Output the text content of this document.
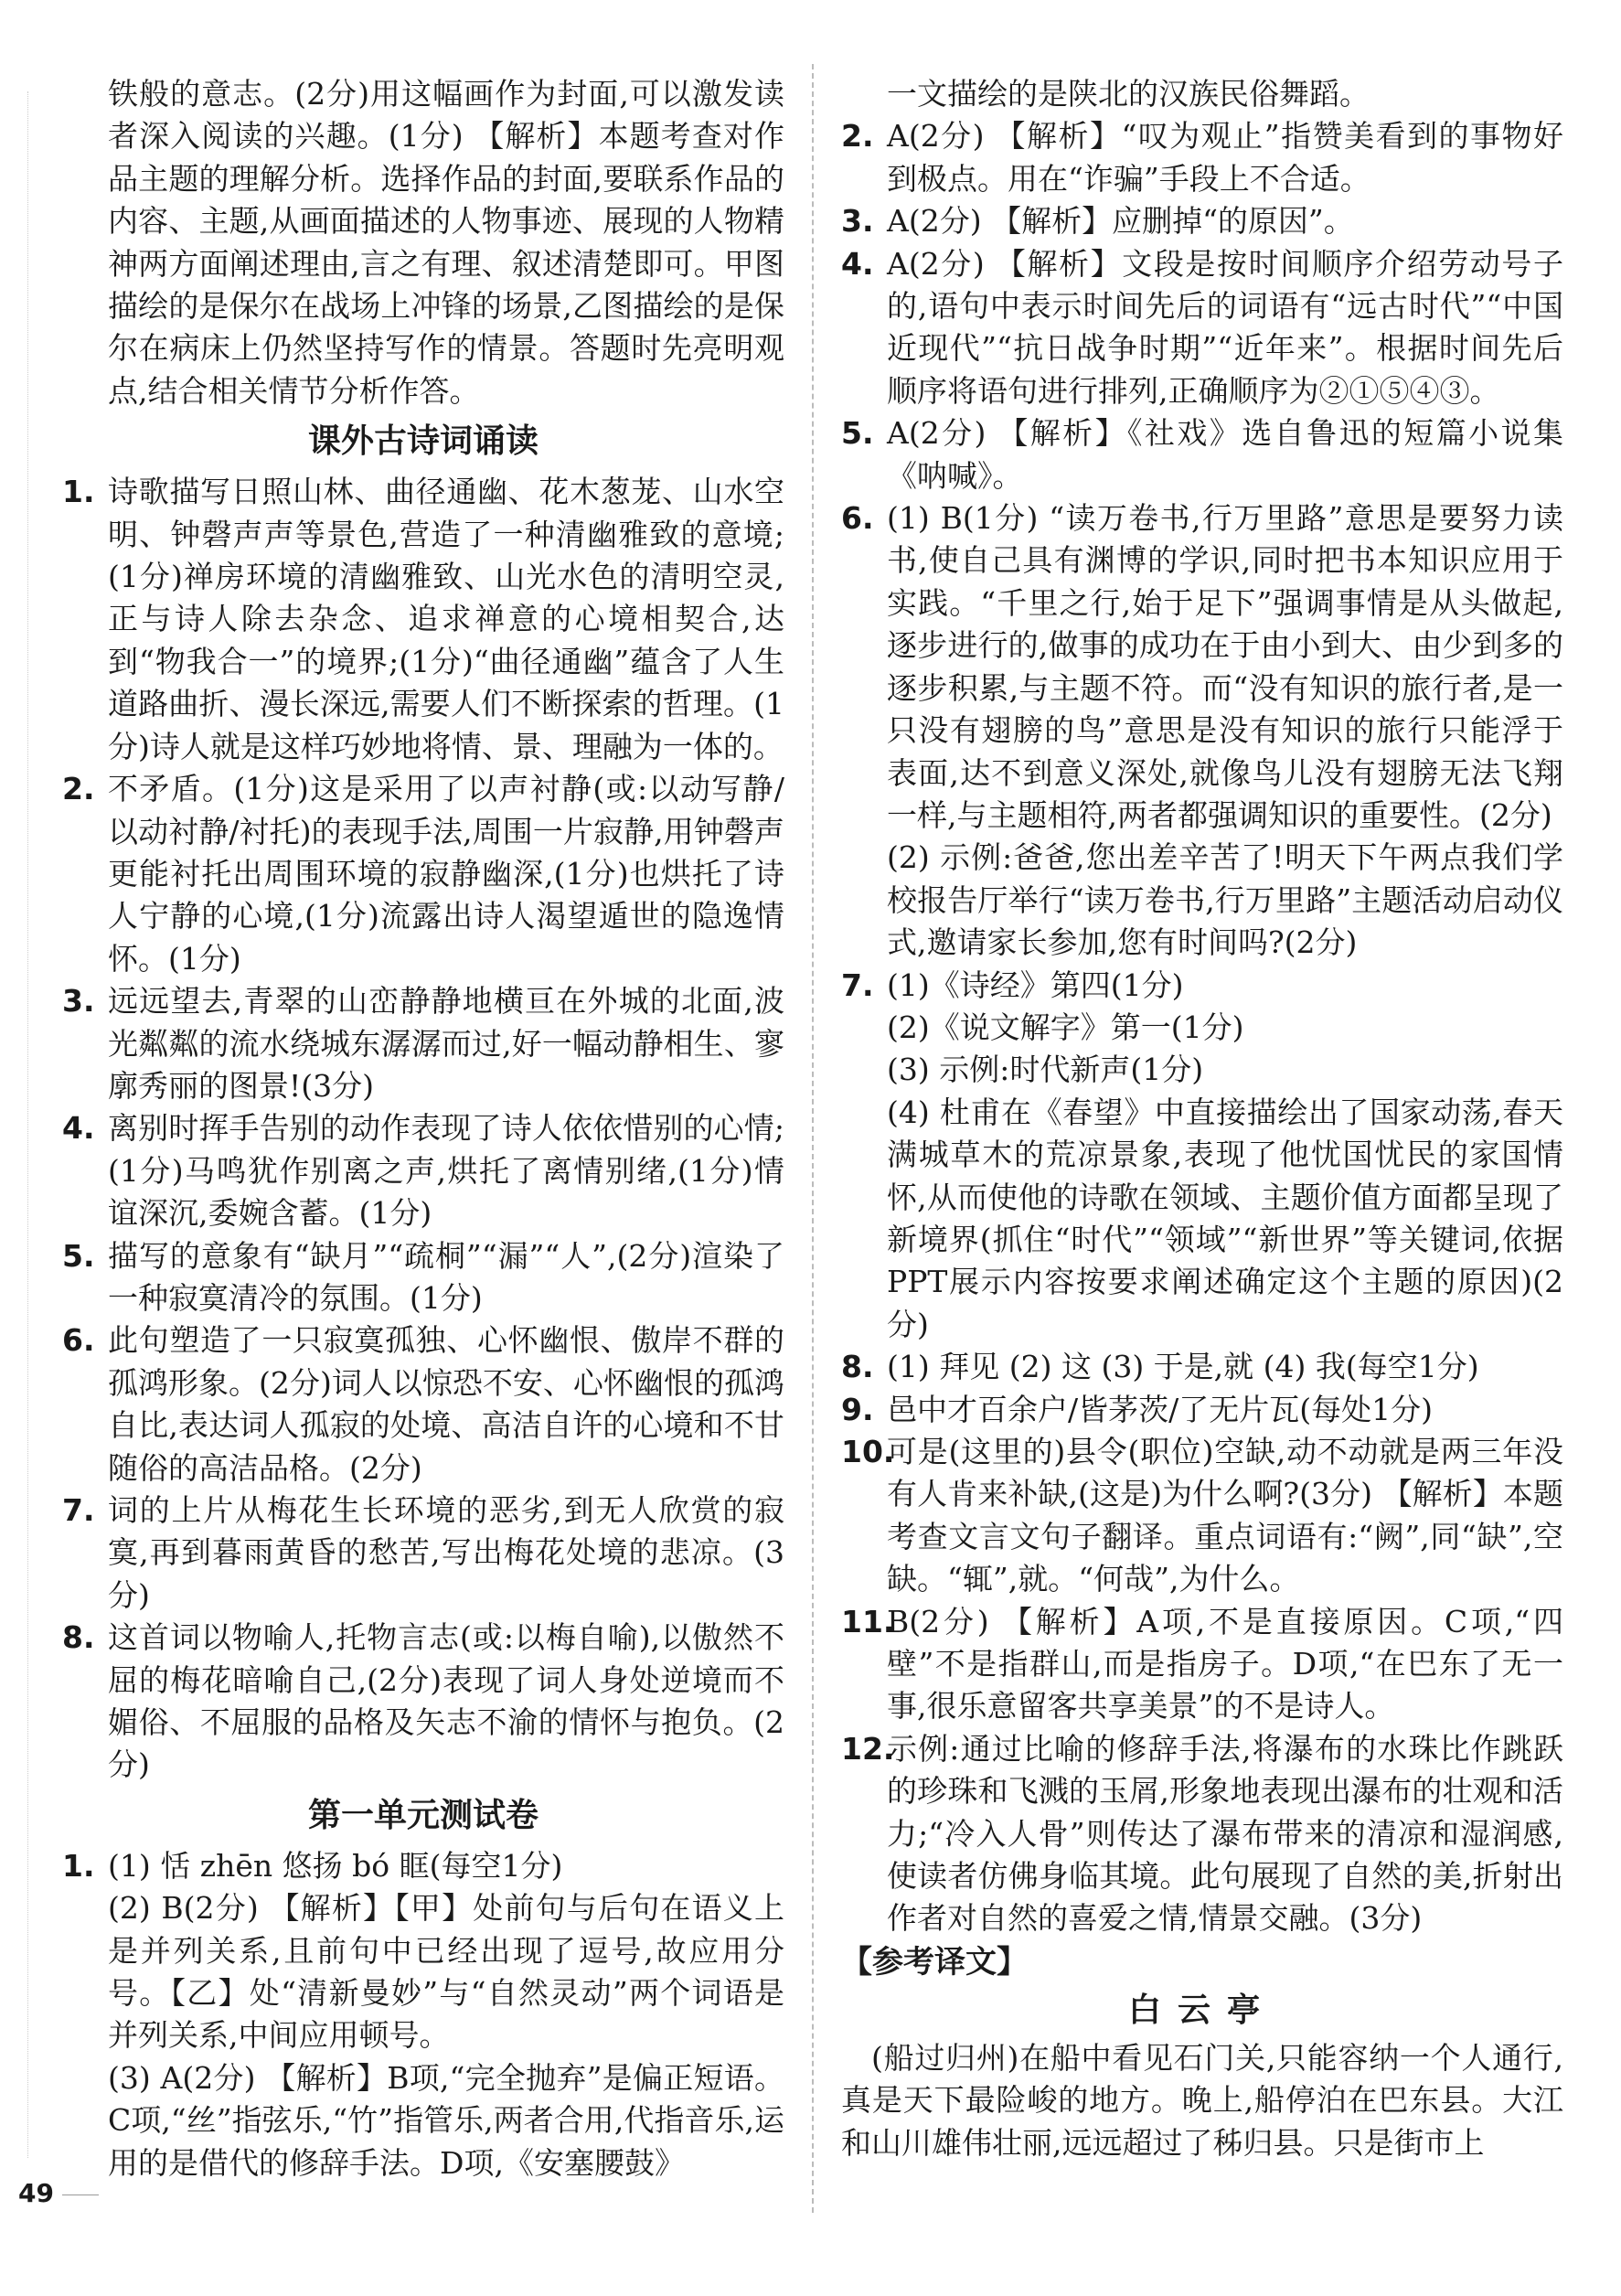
铁般的意志。(2分)用这幅画作为封面,可以激发读者深入阅读的兴趣。(1分) 【解析】本题考查对作品主题的理解分析。选择作品的封面,要联系作品的内容、主题,从画面描述的人物事迹、展现的人物精神两方面阐述理由,言之有理、叙述清楚即可。甲图描绘的是保尔在战场上冲锋的场景,乙图描绘的是保尔在病床上仍然坚持写作的情景。答题时先亮明观点,结合相关情节分析作答。

课外古诗词诵读
1. 诗歌描写日照山林、曲径通幽、花木葱茏、山水空明、钟磬声声等景色,营造了一种清幽雅致的意境;(1分)禅房环境的清幽雅致、山光水色的清明空灵,正与诗人除去杂念、追求禅意的心境相契合,达到“物我合一”的境界;(1分)“曲径通幽”蕴含了人生道路曲折、漫长深远,需要人们不断探索的哲理。(1分)诗人就是这样巧妙地将情、景、理融为一体的。
2. 不矛盾。(1分)这是采用了以声衬静(或:以动写静/以动衬静/衬托)的表现手法,周围一片寂静,用钟磬声更能衬托出周围环境的寂静幽深,(1分)也烘托了诗人宁静的心境,(1分)流露出诗人渴望遁世的隐逸情怀。(1分)
3. 远远望去,青翠的山峦静静地横亘在外城的北面,波光粼粼的流水绕城东潺潺而过,好一幅动静相生、寥廓秀丽的图景!(3分)
4. 离别时挥手告别的动作表现了诗人依依惜别的心情;(1分)马鸣犹作别离之声,烘托了离情别绪,(1分)情谊深沉,委婉含蓄。(1分)
5. 描写的意象有“缺月”“疏桐”“漏”“人”,(2分)渲染了一种寂寞清冷的氛围。(1分)
6. 此句塑造了一只寂寞孤独、心怀幽恨、傲岸不群的孤鸿形象。(2分)词人以惊恐不安、心怀幽恨的孤鸿自比,表达词人孤寂的处境、高洁自许的心境和不甘随俗的高洁品格。(2分)
7. 词的上片从梅花生长环境的恶劣,到无人欣赏的寂寞,再到暮雨黄昏的愁苦,写出梅花处境的悲凉。(3分)
8. 这首词以物喻人,托物言志(或:以梅自喻),以傲然不屈的梅花暗喻自己,(2分)表现了词人身处逆境而不媚俗、不屈服的品格及矢志不渝的情怀与抱负。(2分)
第一单元测试卷
1. (1) 恬 zhēn 悠扬 bó 眶(每空1分)

(2) B(2分) 【解析】【甲】处前句与后句在语义上是并列关系,且前句中已经出现了逗号,故应用分号。【乙】处“清新曼妙”与“自然灵动”两个词语是并列关系,中间应用顿号。

(3) A(2分) 【解析】B项,“完全抛弃”是偏正短语。C项,“丝”指弦乐,“竹”指管乐,两者合用,代指音乐,运用的是借代的修辞手法。D项,《安塞腰鼓》

一文描绘的是陕北的汉族民俗舞蹈。

2. A(2分) 【解析】“叹为观止”指赞美看到的事物好到极点。用在“诈骗”手段上不合适。
3. A(2分) 【解析】应删掉“的原因”。
4. A(2分) 【解析】文段是按时间顺序介绍劳动号子的,语句中表示时间先后的词语有“远古时代”“中国近现代”“抗日战争时期”“近年来”。根据时间先后顺序将语句进行排列,正确顺序为②①⑤④③。
5. A(2分) 【解析】《社戏》选自鲁迅的短篇小说集《呐喊》。
6. (1) B(1分) “读万卷书,行万里路”意思是要努力读书,使自己具有渊博的学识,同时把书本知识应用于实践。“千里之行,始于足下”强调事情是从头做起,逐步进行的,做事的成功在于由小到大、由少到多的逐步积累,与主题不符。而“没有知识的旅行者,是一只没有翅膀的鸟”意思是没有知识的旅行只能浮于表面,达不到意义深处,就像鸟儿没有翅膀无法飞翔一样,与主题相符,两者都强调知识的重要性。(2分)

(2) 示例:爸爸,您出差辛苦了!明天下午两点我们学校报告厅举行“读万卷书,行万里路”主题活动启动仪式,邀请家长参加,您有时间吗?(2分)

7. (1)《诗经》第四(1分)

(2)《说文解字》第一(1分)

(3) 示例:时代新声(1分)

(4) 杜甫在《春望》中直接描绘出了国家动荡,春天满城草木的荒凉景象,表现了他忧国忧民的家国情怀,从而使他的诗歌在领域、主题价值方面都呈现了新境界(抓住“时代”“领域”“新世界”等关键词,依据PPT展示内容按要求阐述确定这个主题的原因)(2分)

8. (1) 拜见 (2) 这 (3) 于是,就 (4) 我(每空1分)
9. 邑中才百余户/皆茅茨/了无片瓦(每处1分)
10.
可是(这里的)县令(职位)空缺,动不动就是两三年没有人肯来补缺,(这是)为什么啊?(3分) 【解析】本题考查文言文句子翻译。重点词语有:“阙”,同“缺”,空缺。“辄”,就。“何哉”,为什么。
11.
B(2分) 【解析】A项,不是直接原因。C项,“四壁”不是指群山,而是指房子。D项,“在巴东了无一事,很乐意留客共享美景”的不是诗人。
12.
示例:通过比喻的修辞手法,将瀑布的水珠比作跳跃的珍珠和飞溅的玉屑,形象地表现出瀑布的壮观和活力;“冷入人骨”则传达了瀑布带来的清凉和湿润感,使读者仿佛身临其境。此句展现了自然的美,折射出作者对自然的喜爱之情,情景交融。(3分)
【参考译文】
白云亭

(船过归州)在船中看见石门关,只能容纳一个人通行,真是天下最险峻的地方。晚上,船停泊在巴东县。大江和山川雄伟壮丽,远远超过了秭归县。只是街市上

49
